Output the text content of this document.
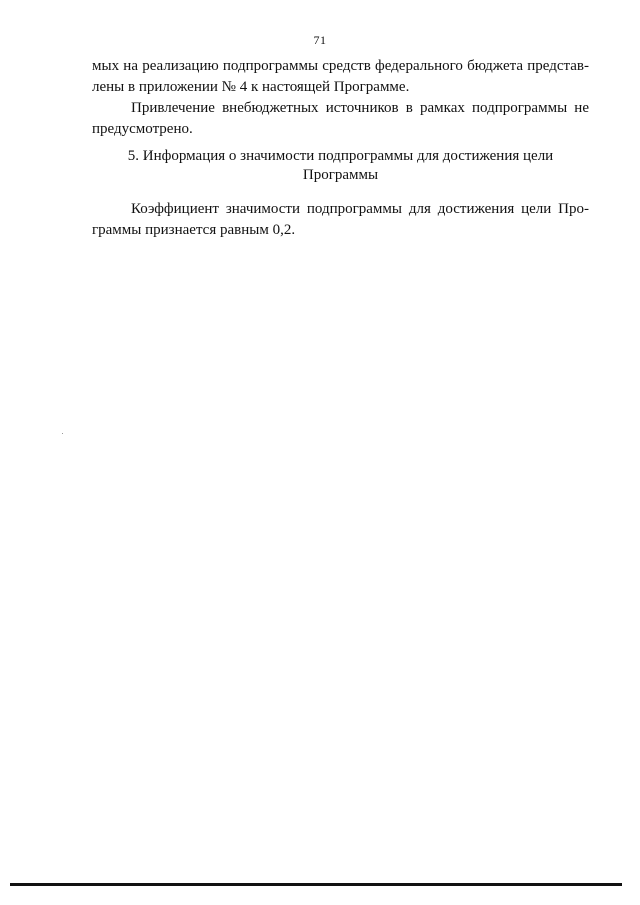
71
мых на реализацию подпрограммы средств федерального бюджета представ-
лены в приложении № 4 к настоящей Программе.
Привлечение внебюджетных источников в рамках подпрограммы не
предусмотрено.
5. Информация о значимости подпрограммы для достижения цели
Программы
Коэффициент значимости подпрограммы для достижения цели Про-
граммы признается равным 0,2.
